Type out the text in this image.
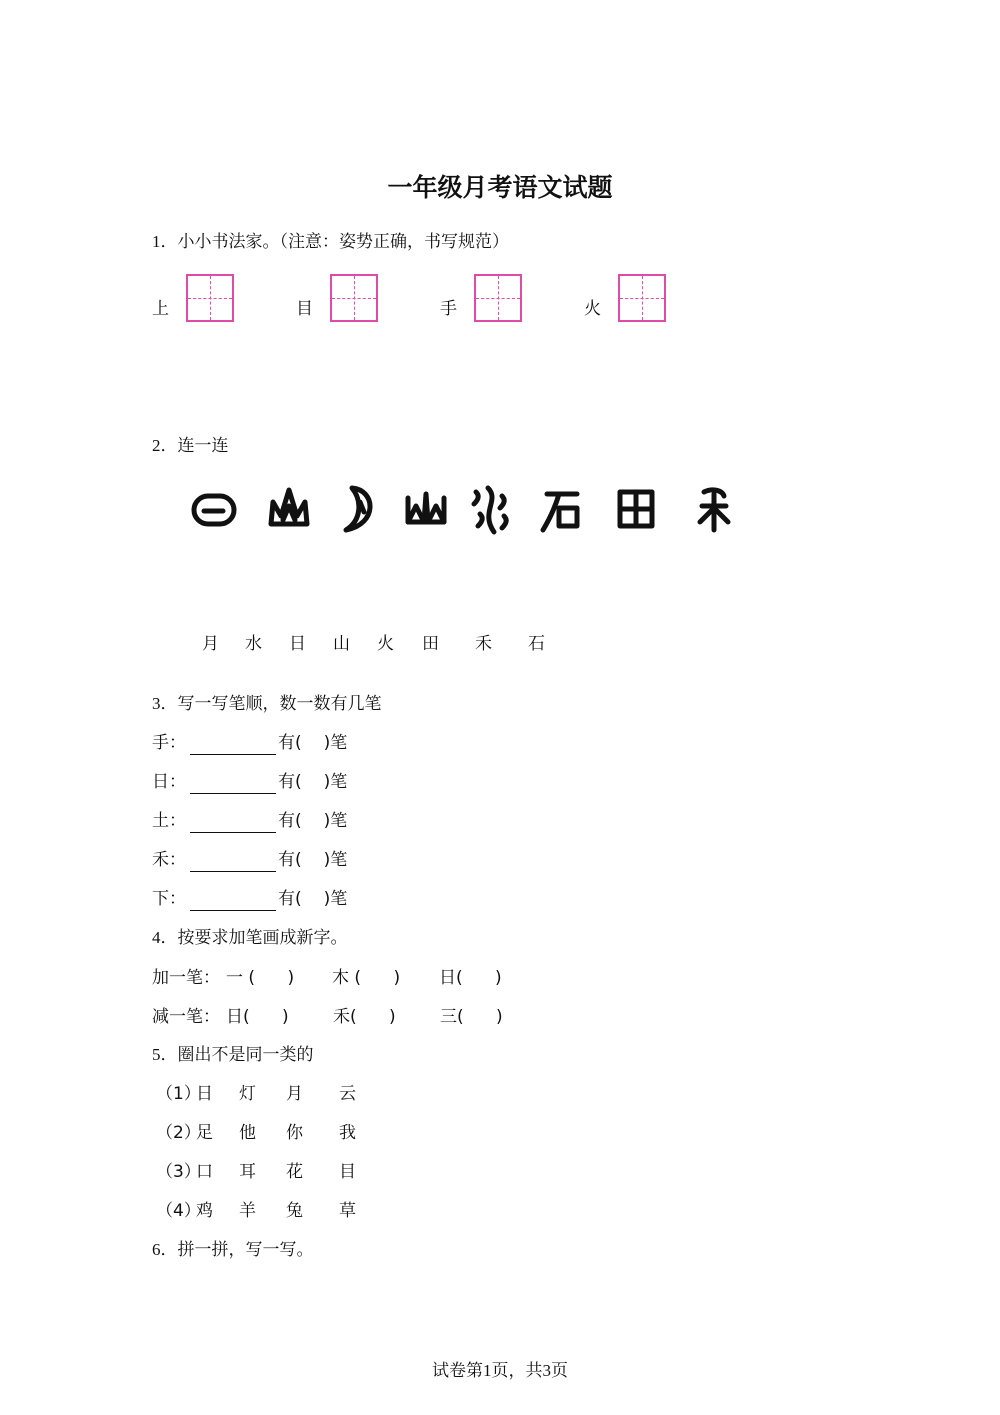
一年级月考语文试题
1．小小书法家。（注意：姿势正确，书写规范）
上	目	手	火
2．连一连
月 水 日 山 火 田 禾 石
3．写一写笔顺，数一数有几笔
手：	有( )笔
日：	有( )笔
土：	有( )笔
禾：	有( )笔
下：	有( )笔
4．按要求加笔画成新字。
加一笔： 一 (      ) 木 (      ) 日(      )
减一笔： 日(      )	禾(      )	三(      )
5．圈出不是同一类的
（1）
日 灯 月 云
（2）
足 他 你 我
（3）
口 耳 花 目
（4）
鸡 羊 兔 草
6．拼一拼，写一写。
试卷第1页，共3页
